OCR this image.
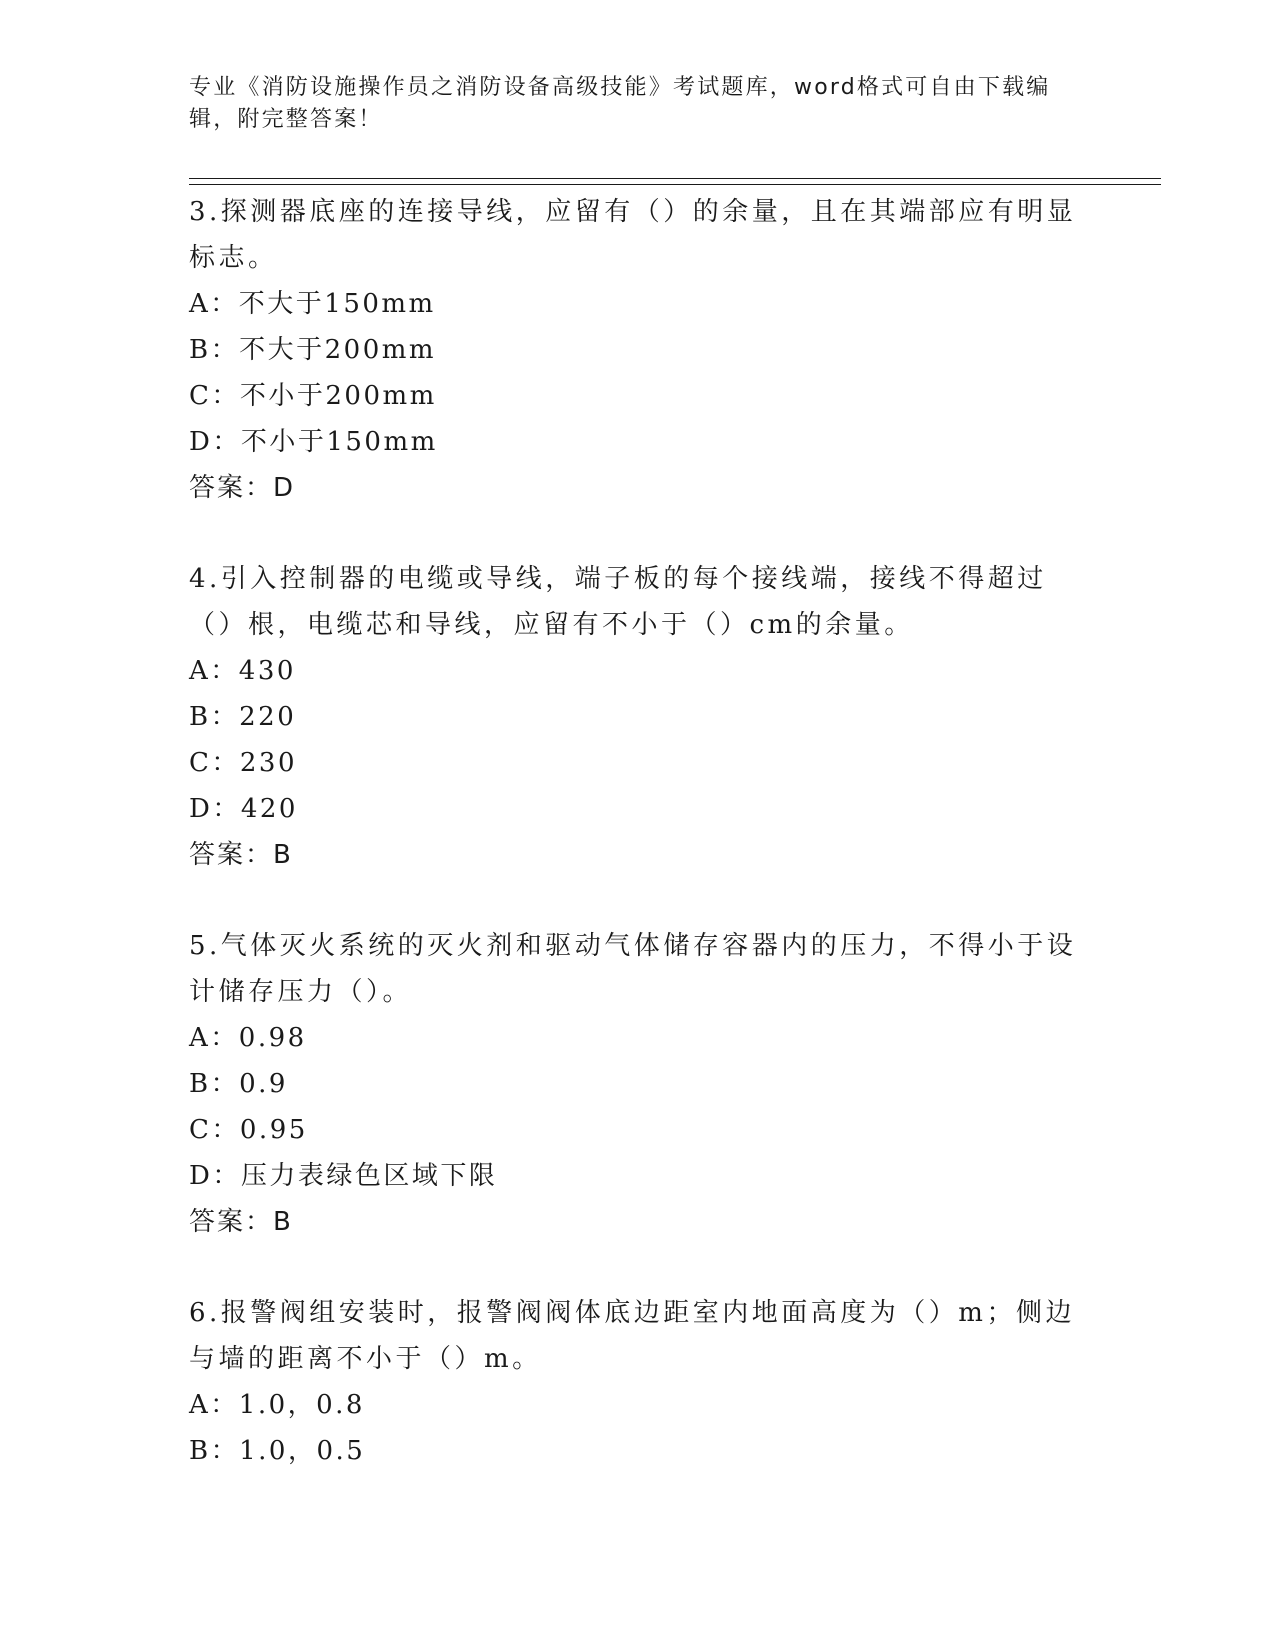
专业《消防设施操作员之消防设备高级技能》考试题库，word格式可自由下载编辑，附完整答案！

3.探测器底座的连接导线，应留有（）的余量，且在其端部应有明显标志。

A：不大于150mm

B：不大于200mm

C：不小于200mm

D：不小于150mm

答案：D

4.引入控制器的电缆或导线，端子板的每个接线端，接线不得超过（）根，电缆芯和导线，应留有不小于（）cm的余量。

A：430

B：220

C：230

D：420

答案：B

5.气体灭火系统的灭火剂和驱动气体储存容器内的压力，不得小于设计储存压力（）。

A：0.98

B：0.9

C：0.95

D：压力表绿色区域下限

答案：B

6.报警阀组安装时，报警阀阀体底边距室内地面高度为（）m；侧边与墙的距离不小于（）m。

A：1.0，0.8

B：1.0，0.5
